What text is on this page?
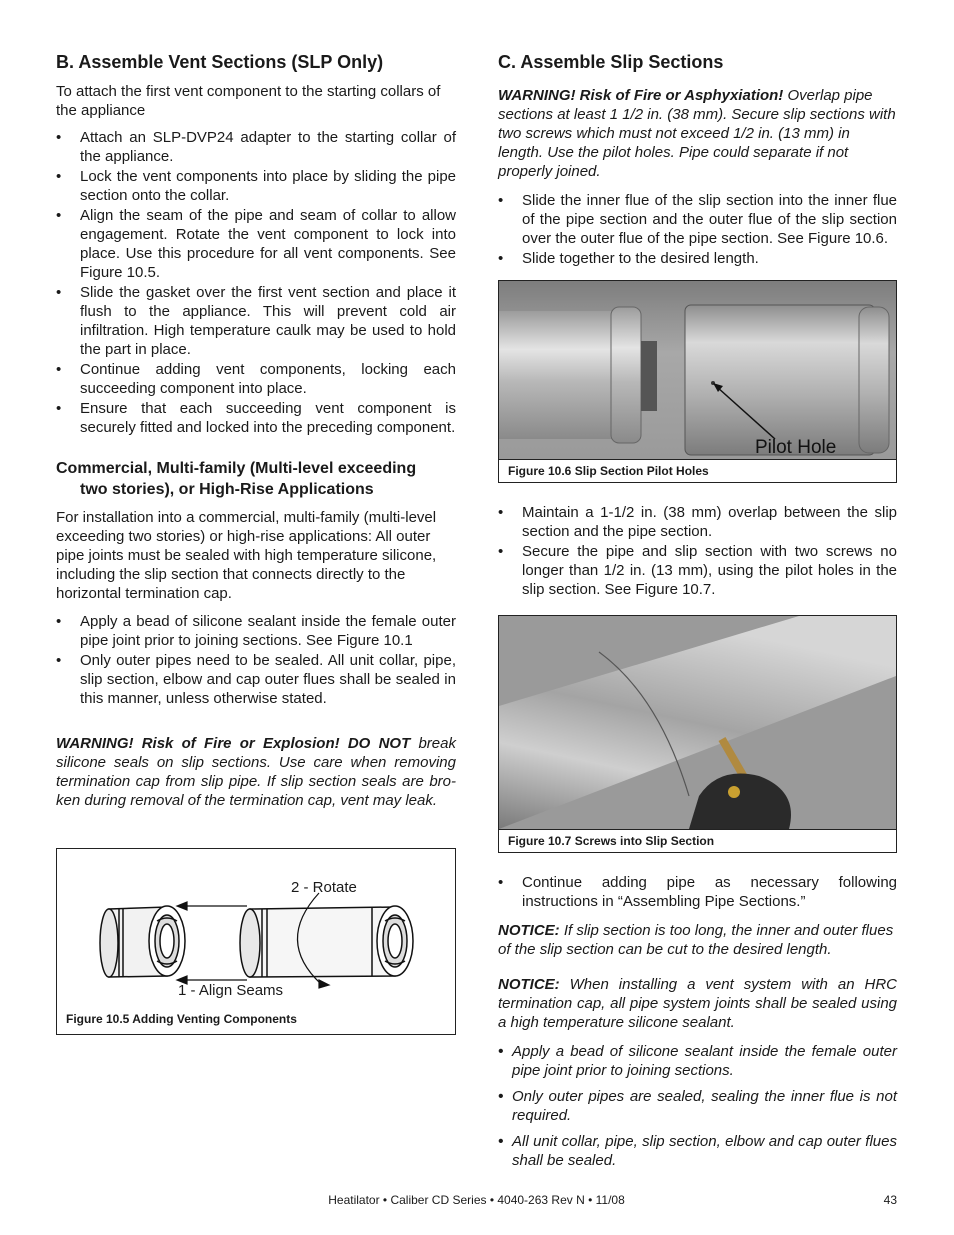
B. Assemble Vent Sections (SLP Only)

To attach the first vent component to the starting collars of the appliance

• Attach an SLP-DVP24 adapter to the starting collar of the appliance.
• Lock the vent components into place by sliding the pipe section onto the collar.
• Align the seam of the pipe and seam of collar to allow engagement. Rotate the vent component to lock into place. Use this procedure for all vent components. See Figure 10.5.
• Slide the gasket over the first vent section and place it flush to the appliance. This will prevent cold air infiltration. High temperature caulk may be used to hold the part in place.
• Continue adding vent components, locking each succeeding component into place.
• Ensure that each succeeding vent component is securely fitted and locked into the preceding component.
Commercial, Multi-family (Multi-level exceeding
two stories), or High-Rise Applications

For installation into a commercial, multi-family (multi-level exceeding two stories) or high-rise applications: All outer pipe joints must be sealed with high temperature silicone, including the slip section that connects directly to the horizontal termination cap.

• Apply a bead of silicone sealant inside the female outer pipe joint prior to joining sections. See Figure 10.1
• Only outer pipes need to be sealed. All unit collar, pipe, slip section, elbow and cap outer flues shall be sealed in this manner, unless otherwise stated.

WARNING! Risk of Fire or Explosion! DO NOT break silicone seals on slip sections. Use care when removing termination cap from slip pipe. If slip section seals are bro-ken during removal of the termination cap, vent may leak.

2 - Rotate
1 - Align Seams
Figure 10.5 Adding Venting Components
C. Assemble Slip Sections

WARNING! Risk of Fire or Asphyxiation! Overlap pipe sections at least 1 1/2 in. (38 mm). Secure slip sections with two screws which must not exceed 1/2 in. (13 mm) in length. Use the pilot holes. Pipe could separate if not properly joined.

• Slide the inner flue of the slip section into the inner flue of the pipe section and the outer flue of the slip section over the outer flue of the pipe section. See Figure 10.6.
• Slide together to the desired length.
Pilot Hole
Figure 10.6 Slip Section Pilot Holes
• Maintain a 1-1/2 in. (38 mm) overlap between the slip section and the pipe section.
• Secure the pipe and slip section with two screws no longer than 1/2 in. (13 mm), using the pilot holes in the slip section. See Figure 10.7.
Figure 10.7 Screws into Slip Section
• Continue adding pipe as necessary following instructions in “Assembling Pipe Sections.”

NOTICE: If slip section is too long, the inner and outer flues of the slip section can be cut to the desired length.

NOTICE: When installing a vent system with an HRC termination cap, all pipe system joints shall be sealed using a high temperature silicone sealant.

• Apply a bead of silicone sealant inside the female outer pipe joint prior to joining sections.
• Only outer pipes are sealed, sealing the inner flue is not required.
• All unit collar, pipe, slip section, elbow and cap outer flues shall be sealed.
Heatilator • Caliber CD Series • 4040-263 Rev N • 11/08	43
